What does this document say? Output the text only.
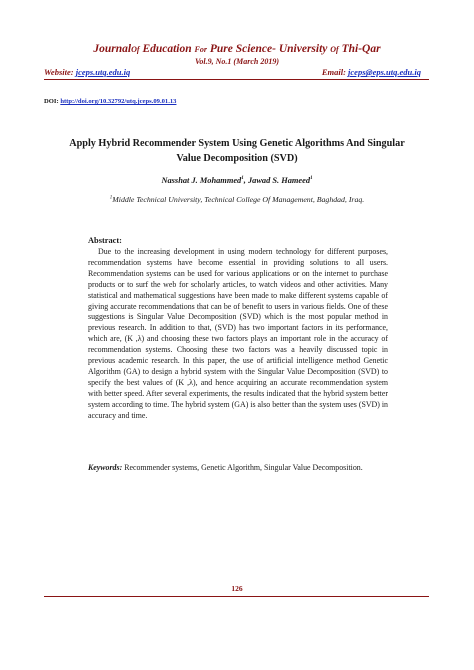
JournalOf Education For Pure Science- University Of Thi-Qar
Vol.9, No.1 (March 2019)
Website: jceps.utq.edu.iq	Email: jceps@eps.utq.edu.iq
DOI: http://doi.org/10.32792/utq.jceps.09.01.13
Apply Hybrid Recommender System Using Genetic Algorithms And Singular Value Decomposition (SVD)
Nasshat J. Mohammed$^1$, Jawad S. Hameed$^1$
$^1$Middle Technical University, Technical College Of Management, Baghdad, Iraq.
Abstract:

Due to the increasing development in using modern technology for different purposes, recommendation systems have become essential in providing solutions to all users. Recommendation systems can be used for various applications or on the internet to purchase products or to surf the web for scholarly articles, to watch videos and other activities. Many statistical and mathematical suggestions have been made to make different systems capable of giving accurate recommendations that can be of benefit to users in various fields. One of these suggestions is Singular Value Decomposition (SVD) which is the most popular method in previous research. In addition to that, (SVD) has two important factors in its performance, which are, (K ,λ) and choosing these two factors plays an important role in the accuracy of recommendation systems. Choosing these two factors was a heavily discussed topic in previous academic research. In this paper, the use of artificial intelligence method Genetic Algorithm (GA) to design a hybrid system with the Singular Value Decomposition (SVD) to specify the best values of (K ,λ), and hence acquiring an accurate recommendation system with better speed. After several experiments, the results indicated that the hybrid system better system according to time. The hybrid system (GA) is also better than the system uses (SVD) in accuracy and time.

Keywords: Recommender systems, Genetic Algorithm, Singular Value Decomposition.

126
